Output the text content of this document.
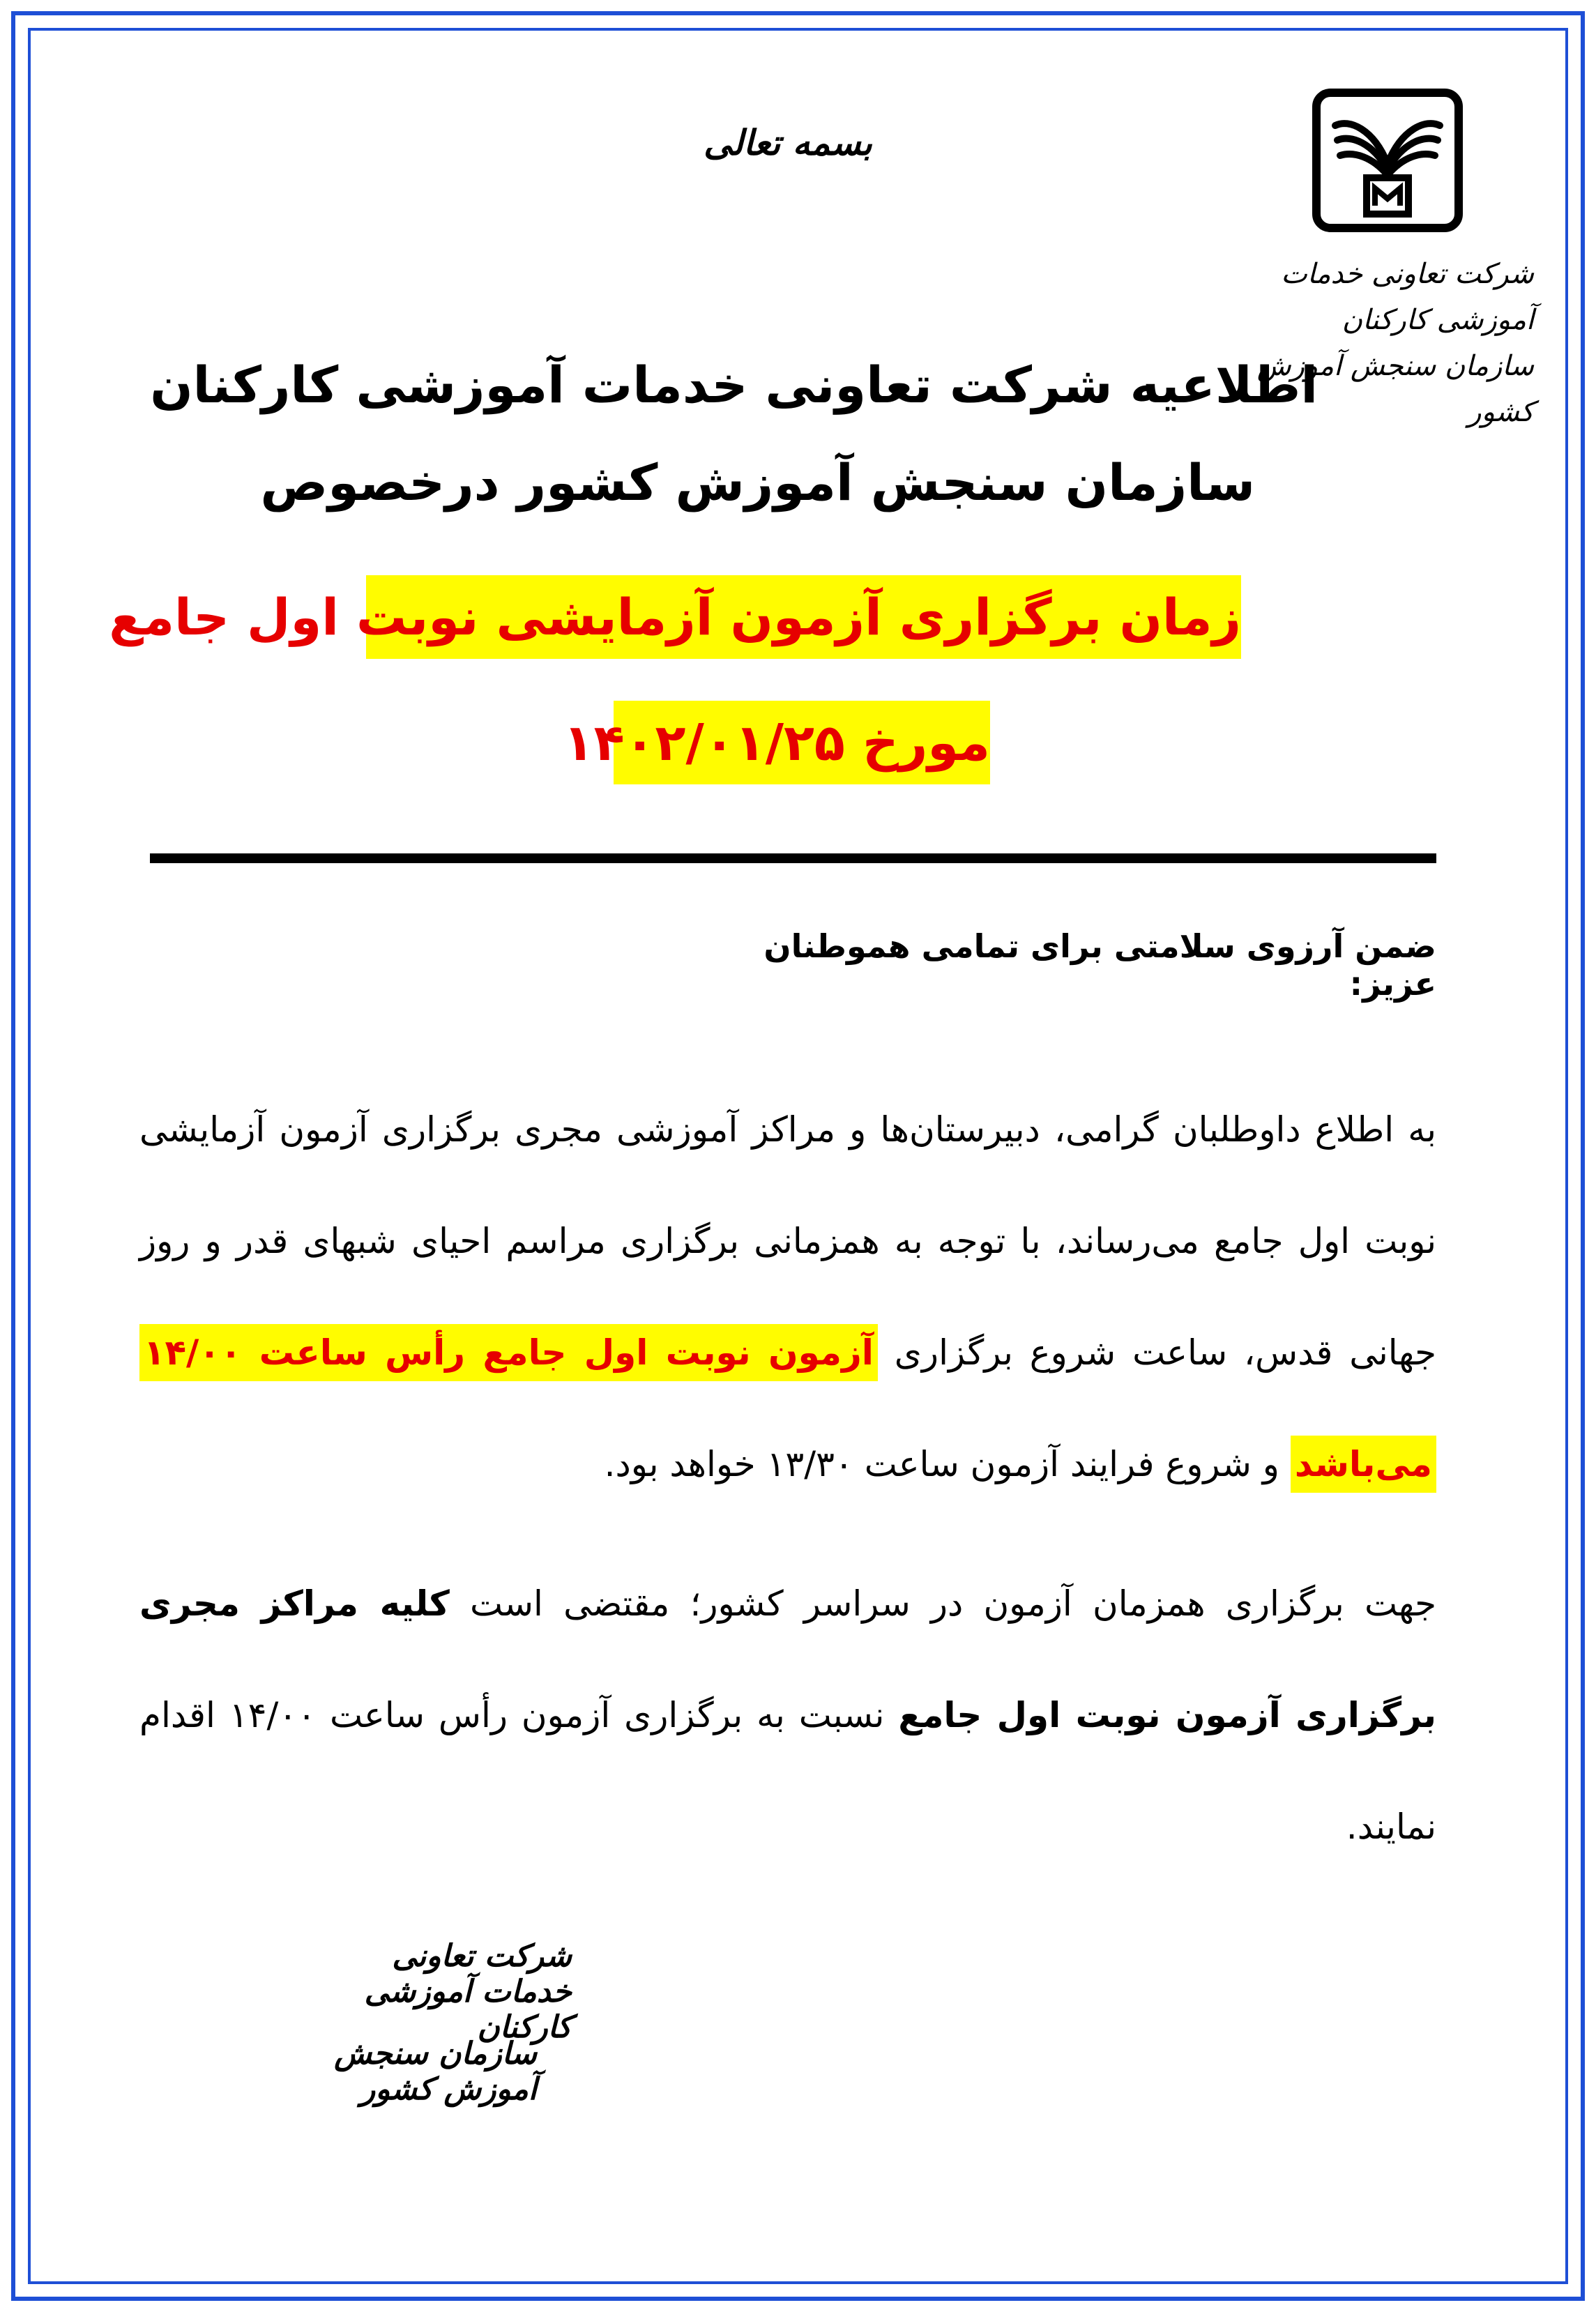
شرکت تعاونی خدمات آموزشی کارکنان
سازمان سنجش آموزش کشور
بسمه تعالی
اطلاعیه شرکت تعاونی خدمات آموزشی کارکنان
سازمان سنجش آموزش کشور درخصوص
زمان برگزاری آزمون آزمایشی نوبت اول جامع
مورخ ۱۴۰۲/۰۱/۲۵
ضمن آرزوی سلامتی برای تمامی هموطنان عزیز:
به اطلاع داوطلبان گرامی، دبیرستان‌ها و مراکز آموزشی مجری برگزاری آزمون آزمایشی نوبت اول جامع می‌رساند، با توجه به همزمانی برگزاری مراسم احیای شبهای قدر و روز جهانی قدس، ساعت شروع برگزاری آزمون نوبت اول جامع رأس ساعت ۱۴/۰۰ می‌باشد و شروع فرایند آزمون ساعت ۱۳/۳۰ خواهد بود.
جهت برگزاری همزمان آزمون در سراسر کشور؛ مقتضی است کلیه مراکز مجری برگزاری آزمون نوبت اول جامع نسبت به برگزاری آزمون رأس ساعت ۱۴/۰۰ اقدام نمایند.
شرکت تعاونی خدمات آموزشی کارکنان
سازمان سنجش آموزش کشور
